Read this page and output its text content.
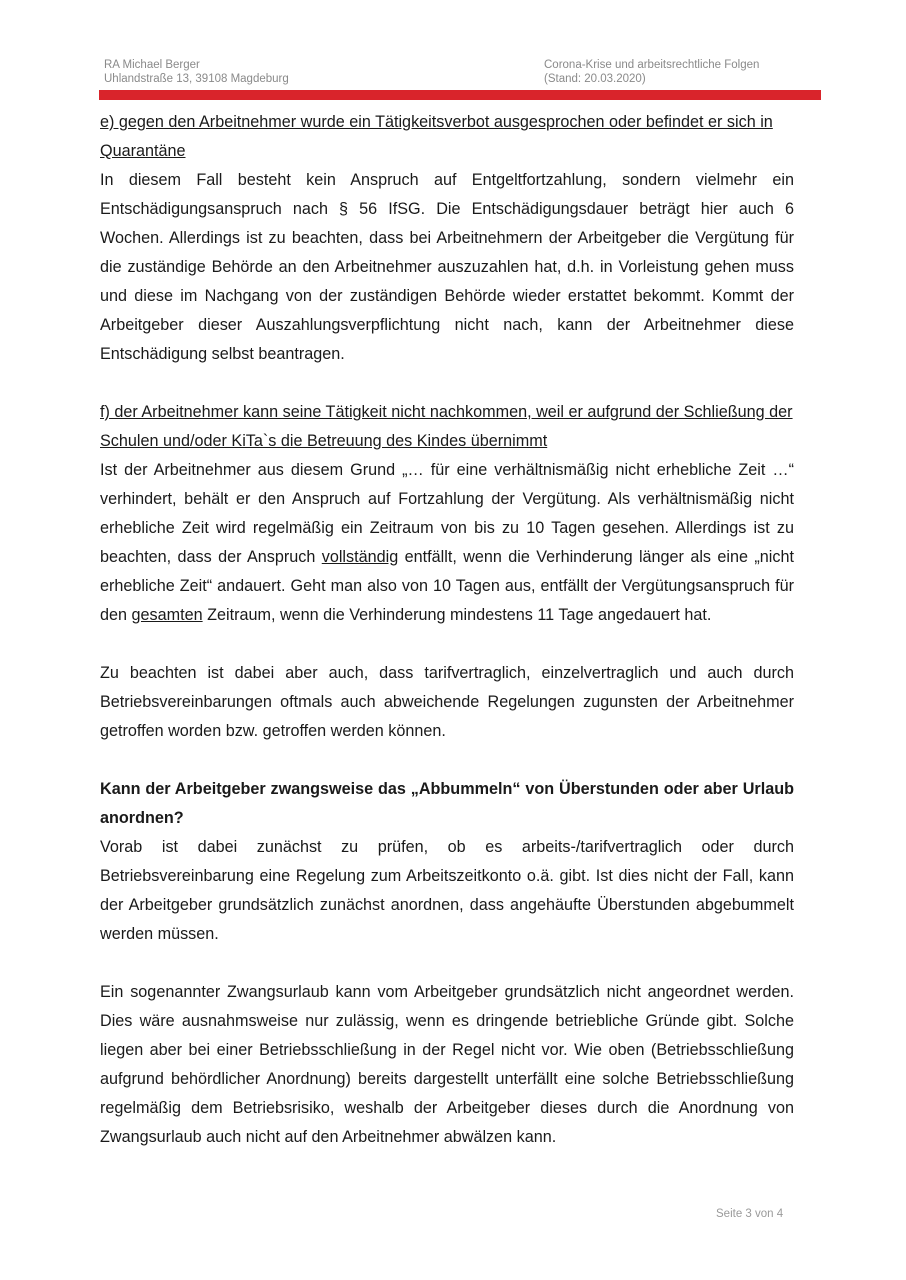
RA Michael Berger
Uhlandstraße 13, 39108 Magdeburg
Corona-Krise und arbeitsrechtliche Folgen
(Stand: 20.03.2020)

e) gegen den Arbeitnehmer wurde ein Tätigkeitsverbot ausgesprochen oder befindet er sich in Quarantäne

In diesem Fall besteht kein Anspruch auf Entgeltfortzahlung, sondern vielmehr ein Entschädigungsanspruch nach § 56 IfSG. Die Entschädigungsdauer beträgt hier auch 6 Wochen. Allerdings ist zu beachten, dass bei Arbeitnehmern der Arbeitgeber die Vergütung für die zuständige Behörde an den Arbeitnehmer auszuzahlen hat, d.h. in Vorleistung gehen muss und diese im Nachgang von der zuständigen Behörde wieder erstattet bekommt. Kommt der Arbeitgeber dieser Auszahlungsverpflichtung nicht nach, kann der Arbeitnehmer diese Entschädigung selbst beantragen.

f) der Arbeitnehmer kann seine Tätigkeit nicht nachkommen, weil er aufgrund der Schließung der Schulen und/oder KiTa`s die Betreuung des Kindes übernimmt

Ist der Arbeitnehmer aus diesem Grund „… für eine verhältnismäßig nicht erhebliche Zeit …“ verhindert, behält er den Anspruch auf Fortzahlung der Vergütung. Als verhältnismäßig nicht erhebliche Zeit wird regelmäßig ein Zeitraum von bis zu 10 Tagen gesehen. Allerdings ist zu beachten, dass der Anspruch vollständig entfällt, wenn die Verhinderung länger als eine „nicht erhebliche Zeit“ andauert. Geht man also von 10 Tagen aus, entfällt der Vergütungsanspruch für den gesamten Zeitraum, wenn die Verhinderung mindestens 11 Tage angedauert hat.

Zu beachten ist dabei aber auch, dass tarifvertraglich, einzelvertraglich und auch durch Betriebsvereinbarungen oftmals auch abweichende Regelungen zugunsten der Arbeitnehmer getroffen worden bzw. getroffen werden können.

Kann der Arbeitgeber zwangsweise das „Abbummeln“ von Überstunden oder aber Urlaub anordnen?

Vorab ist dabei zunächst zu prüfen, ob es arbeits-/tarifvertraglich oder durch Betriebsvereinbarung eine Regelung zum Arbeitszeitkonto o.ä. gibt. Ist dies nicht der Fall, kann der Arbeitgeber grundsätzlich zunächst anordnen, dass angehäufte Überstunden abgebummelt werden müssen.

Ein sogenannter Zwangsurlaub kann vom Arbeitgeber grundsätzlich nicht angeordnet werden. Dies wäre ausnahmsweise nur zulässig, wenn es dringende betriebliche Gründe gibt. Solche liegen aber bei einer Betriebsschließung in der Regel nicht vor. Wie oben (Betriebsschließung aufgrund behördlicher Anordnung) bereits dargestellt unterfällt eine solche Betriebsschließung regelmäßig dem Betriebsrisiko, weshalb der Arbeitgeber dieses durch die Anordnung von Zwangsurlaub auch nicht auf den Arbeitnehmer abwälzen kann.

Seite 3 von 4
